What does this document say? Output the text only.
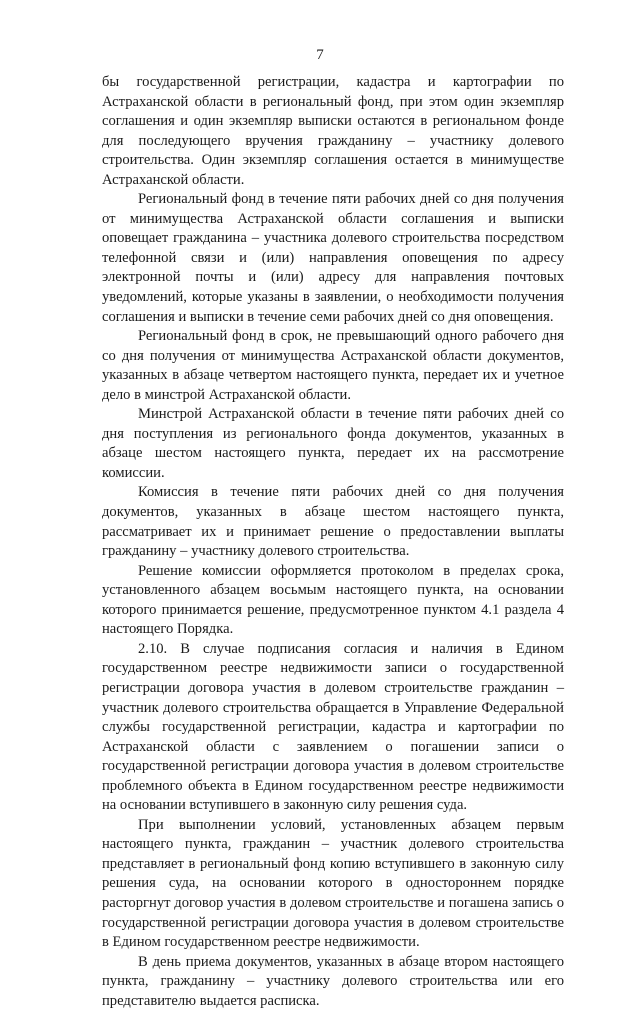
7

бы государственной регистрации, кадастра и картографии по Астраханской области в региональный фонд, при этом один экземпляр соглашения и один экземпляр выписки остаются в региональном фонде для последующего вручения гражданину – участнику долевого строительства. Один экземпляр соглашения остается в минимуществе Астраханской области.

Региональный фонд в течение пяти рабочих дней со дня получения от минимущества Астраханской области соглашения и выписки оповещает гражданина – участника долевого строительства посредством телефонной связи и (или) направления оповещения по адресу электронной почты и (или) адресу для направления почтовых уведомлений, которые указаны в заявлении, о необходимости получения соглашения и выписки в течение семи рабочих дней со дня оповещения.

Региональный фонд в срок, не превышающий одного рабочего дня со дня получения от минимущества Астраханской области документов, указанных в абзаце четвертом настоящего пункта, передает их и учетное дело в минстрой Астраханской области.

Минстрой Астраханской области в течение пяти рабочих дней со дня поступления из регионального фонда документов, указанных в абзаце шестом настоящего пункта, передает их на рассмотрение комиссии.

Комиссия в течение пяти рабочих дней со дня получения документов, указанных в абзаце шестом настоящего пункта, рассматривает их и принимает решение о предоставлении выплаты гражданину – участнику долевого строительства.

Решение комиссии оформляется протоколом в пределах срока, установленного абзацем восьмым настоящего пункта, на основании которого принимается решение, предусмотренное пунктом 4.1 раздела 4 настоящего Порядка.

2.10. В случае подписания согласия и наличия в Едином государственном реестре недвижимости записи о государственной регистрации договора участия в долевом строительстве гражданин – участник долевого строительства обращается в Управление Федеральной службы государственной регистрации, кадастра и картографии по Астраханской области с заявлением о погашении записи о государственной регистрации договора участия в долевом строительстве проблемного объекта в Едином государственном реестре недвижимости на основании вступившего в законную силу решения суда.

При выполнении условий, установленных абзацем первым настоящего пункта, гражданин – участник долевого строительства представляет в региональный фонд копию вступившего в законную силу решения суда, на основании которого в одностороннем порядке расторгнут договор участия в долевом строительстве и погашена запись о государственной регистрации договора участия в долевом строительстве в Едином государственном реестре недвижимости.

В день приема документов, указанных в абзаце втором настоящего пункта, гражданину – участнику долевого строительства или его представителю выдается расписка.
